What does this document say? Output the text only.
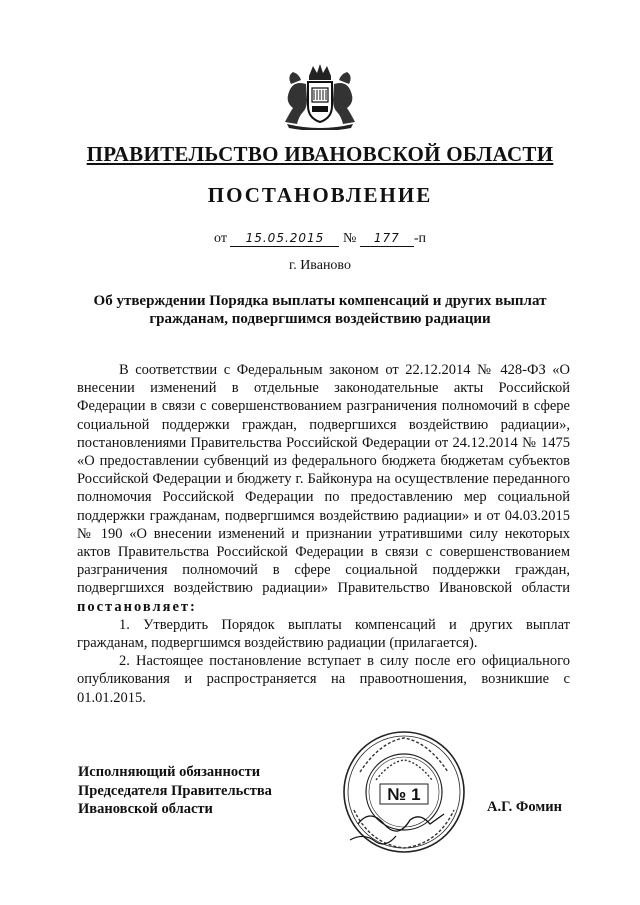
ПРАВИТЕЛЬСТВО ИВАНОВСКОЙ ОБЛАСТИ
ПОСТАНОВЛЕНИЕ
от 15.05.2015 № 177 -п
г. Иваново
Об утверждении Порядка выплаты компенсаций и других выплат гражданам, подвергшимся воздействию радиации

В соответствии с Федеральным законом от 22.12.2014 № 428-ФЗ «О внесении изменений в отдельные законодательные акты Российской Федерации в связи с совершенствованием разграничения полномочий в сфере социальной поддержки граждан, подвергшихся воздействию радиации», постановлениями Правительства Российской Федерации от 24.12.2014 № 1475 «О предоставлении субвенций из федерального бюджета бюджетам субъектов Российской Федерации и бюджету г. Байконура на осуществление переданного полномочия Российской Федерации по предоставлению мер социальной поддержки гражданам, подвергшимся воздействию радиации» и от 04.03.2015 № 190 «О внесении изменений и признании утратившими силу некоторых актов Правительства Российской Федерации в связи с совершенствованием разграничения полномочий в сфере социальной поддержки граждан, подвергшихся воздействию радиации» Правительство Ивановской области постановляет:

1. Утвердить Порядок выплаты компенсаций и других выплат гражданам, подвергшимся воздействию радиации (прилагается).

2. Настоящее постановление вступает в силу после его официального опубликования и распространяется на правоотношения, возникшие с 01.01.2015.

Исполняющий обязанности
Председателя Правительства
Ивановской области
№ 1
А.Г. Фомин
